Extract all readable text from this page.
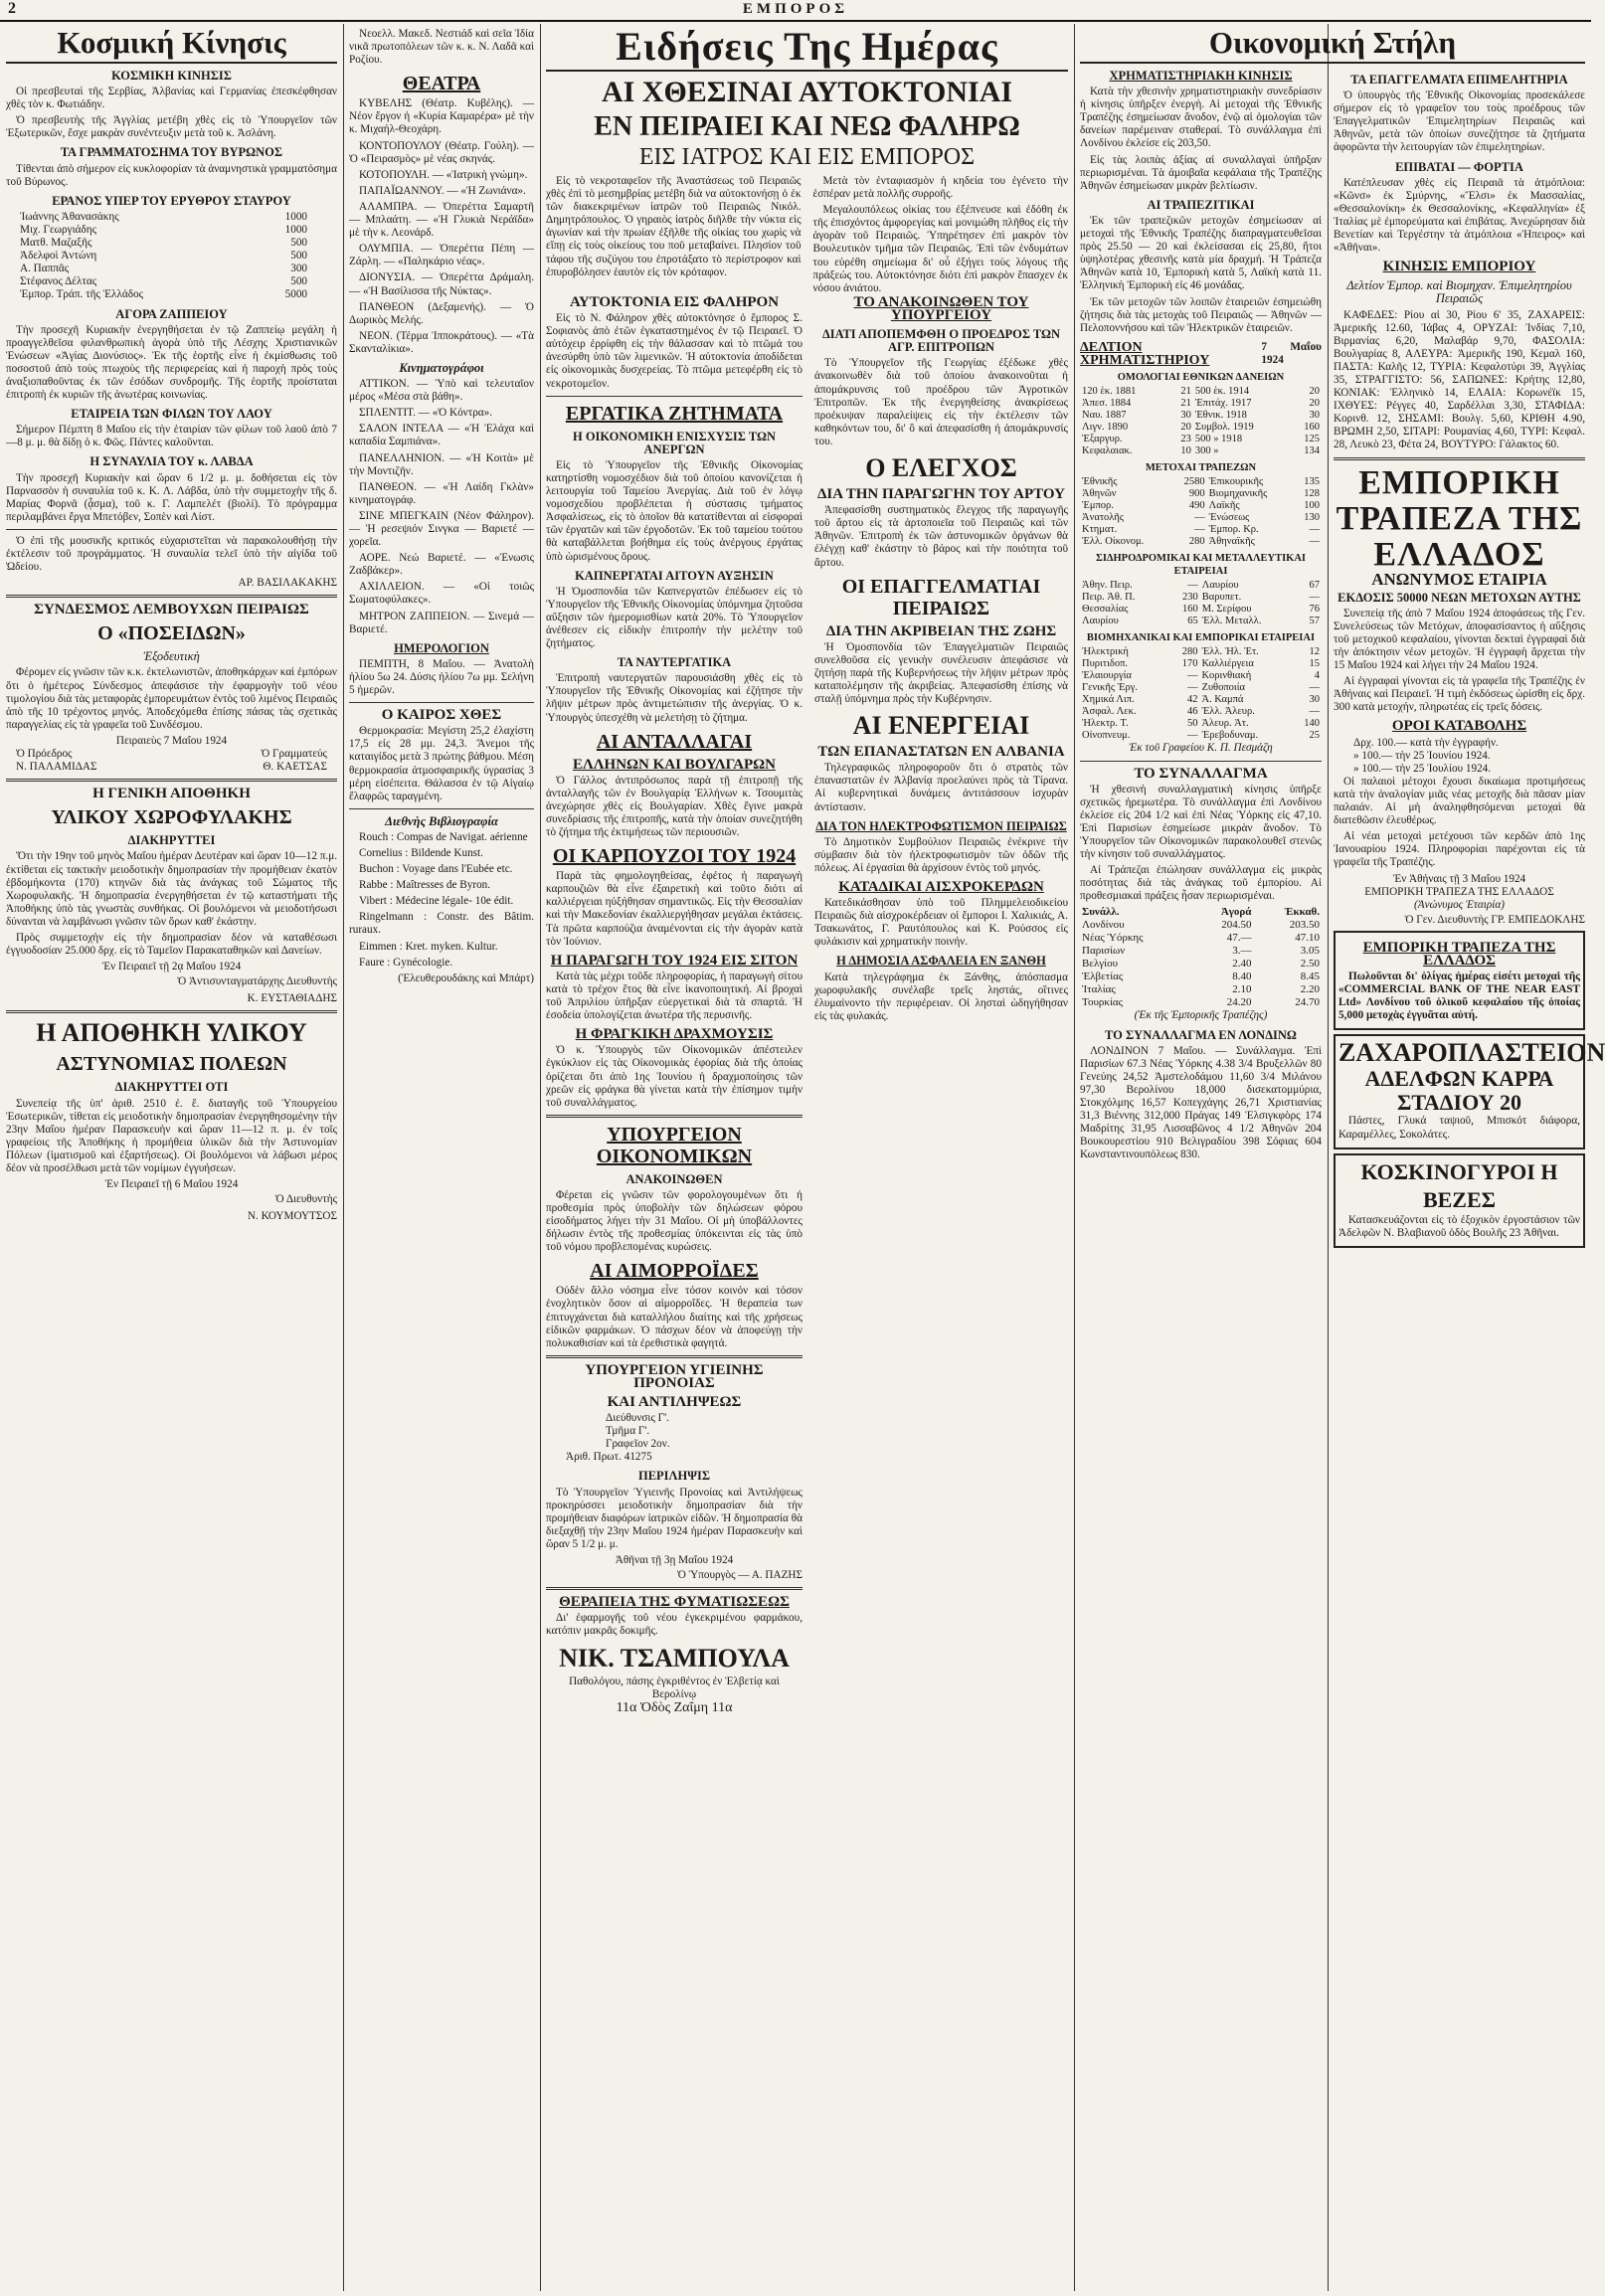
2	ΕΜΠΟΡΟΣ
Κοσμική Κίνησις
ΚΟΣΜΙΚΗ ΚΙΝΗΣΙΣ

Οἱ πρεσβευταὶ τῆς Σερβίας, Ἀλβανίας καὶ Γερμανίας ἐπεσκέφθησαν χθὲς τὸν κ. Φωτιάδην.

Ὁ πρεσβευτὴς τῆς Ἀγγλίας μετέβη χθὲς εἰς τὸ Ὑπουργεῖον τῶν Ἐξωτερικῶν, ἔσχε μακρὰν συνέντευξιν μετὰ τοῦ κ. Ἀσλάνη.

ΤΑ ΓΡΑΜΜΑΤΟΣΗΜΑ ΤΟΥ ΒΥΡΩΝΟΣ

Τίθενται ἀπὸ σήμερον εἰς κυκλοφορίαν τὰ ἀναμνηστικὰ γραμματόσημα τοῦ Βύρωνος.

ΕΡΑΝΟΣ ΥΠΕΡ ΤΟΥ ΕΡΥΘΡΟΥ ΣΤΑΥΡΟΥ
Ἰωάννης Ἀθανασάκης	1000
Μιχ. Γεωργιάδης	1000
Ματθ. Μαζαξῆς	500
Ἀδελφοὶ Ἀντώνη	500
Α. Παππᾶς	300
Στέφανος Δέλτας	500
Ἐμπορ. Τράπ. τῆς Ἑλλάδος	5000
ΑΓΟΡΑ ΖΑΠΠΕΙΟΥ

Τὴν προσεχῆ Κυριακὴν ἐνεργηθήσεται ἐν τῷ Ζαππείῳ μεγάλη ἡ προαγγελθεῖσα φιλανθρωπικὴ ἀγορὰ ὑπὸ τῆς Λέσχης Χριστιανικῶν Ἑνώσεων «Ἀγίας Διονύσιος». Ἐκ τῆς ἑορτῆς εἶνε ἡ ἐκμίσθωσις τοῦ ποσοστοῦ ἀπὸ τοὺς πτωχοὺς τῆς περιφερείας καὶ ἡ παροχὴ πρὸς τοὺς ἀναξιοπαθοῦντας ἐκ τῶν ἐσόδων συνδρομῆς. Τῆς ἑορτῆς προίσταται ἐπιτροπὴ ἐκ κυριῶν τῆς ἀνωτέρας κοινωνίας.

ΕΤΑΙΡΕΙΑ ΤΩΝ ΦΙΛΩΝ ΤΟΥ ΛΑΟΥ

Σήμερον Πέμπτη 8 Μαΐου εἰς τὴν ἑταιρίαν τῶν φίλων τοῦ λαοῦ ἀπὸ 7—8 μ. μ. θὰ δίδῃ ὁ κ. Φῶς. Πάντες καλοῦνται.

Η ΣΥΝΑΥΛΙΑ ΤΟΥ κ. ΛΑΒΔΑ

Τὴν προσεχῆ Κυριακὴν καὶ ὥραν 6 1/2 μ. μ. δοθήσεται εἰς τὸν Παρνασσὸν ἡ συναυλία τοῦ κ. Κ. Λ. Λάβδα, ὑπὸ τὴν συμμετοχὴν τῆς δ. Μαρίας Φορνᾶ (ᾆσμα), τοῦ κ. Γ. Λαμπελέτ (βιολί). Τὸ πρόγραμμα περιλαμβάνει ἔργα Μπετόβεν, Σοπὲν καὶ Λίστ.

Ὁ ἐπὶ τῆς μουσικῆς κριτικός εὐχαριστεῖται νὰ παρακολουθήσῃ τὴν ἐκτέλεσιν τοῦ προγράμματος. Ἡ συναυλία τελεῖ ὑπὸ τὴν αἰγίδα τοῦ Ὠδείου.

ΑΡ. ΒΑΣΙΛΑΚΑΚΗΣ
ΣΥΝΔΕΣΜΟΣ ΛΕΜΒΟΥΧΩΝ ΠΕΙΡΑΙΩΣ
Ο «ΠΟΣΕΙΔΩΝ»
Ἐξοδευτικὴ

Φέρομεν εἰς γνῶσιν τῶν κ.κ. ἐκτελωνιστῶν, ἀποθηκάρχων καὶ ἐμπόρων ὅτι ὁ ἡμέτερος Σύνδεσμος ἀπεφάσισε τὴν ἐφαρμογὴν τοῦ νέου τιμολογίου διὰ τὰς μεταφορὰς ἐμπορευμάτων ἐντὸς τοῦ λιμένος Πειραιῶς ἀπὸ τῆς 10 τρέχοντος μηνός. Ἀποδεχόμεθα ἐπίσης πάσας τὰς σχετικὰς παραγγελίας εἰς τὰ γραφεῖα τοῦ Συνδέσμου.

Πειραιεὺς 7 Μαΐου 1924
Ὁ Πρόεδρος	Ὁ Γραμματεύς
Ν. ΠΑΛΑΜΙΔΑΣ	Θ. ΚΑΕΤΣΑΣ
Η ΓΕΝΙΚΗ ΑΠΟΘΗΚΗ
ΥΛΙΚΟΥ ΧΩΡΟΦΥΛΑΚΗΣ
ΔΙΑΚΗΡΥΤΤΕΙ

Ὅτι τὴν 19ην τοῦ μηνὸς Μαΐου ἡμέραν Δευτέραν καὶ ὥραν 10—12 π.μ. ἐκτίθεται εἰς τακτικὴν μειοδοτικὴν δημοπρασίαν τὴν προμήθειαν ἐκατὸν ἑβδομήκοντα (170) κτηνῶν διὰ τὰς ἀνάγκας τοῦ Σώματος τῆς Χωροφυλακῆς. Ἡ δημοπρασία ἐνεργηθήσεται ἐν τῷ καταστήματι τῆς Ἀποθήκης ὑπὸ τὰς γνωστὰς συνθήκας. Οἱ βουλόμενοι νὰ μειοδοτήσωσι δύνανται νὰ λαμβάνωσι γνῶσιν τῶν ὅρων καθ' ἑκάστην.

Πρὸς συμμετοχὴν εἰς τὴν δημοπρασίαν δέον νὰ καταθέσωσι ἐγγυοδοσίαν 25.000 δρχ. εἰς τὸ Ταμεῖον Παρακαταθηκῶν καὶ Δανείων.

Ἐν Πειραιεῖ τῇ 2ᾳ Μαΐου 1924
Ὁ Ἀντισυνταγματάρχης Διευθυντὴς
Κ. ΕΥΣΤΑΘΙΑΔΗΣ
Η ΑΠΟΘΗΚΗ ΥΛΙΚΟΥ
ΑΣΤΥΝΟΜΙΑΣ ΠΟΛΕΩΝ
ΔΙΑΚΗΡΥΤΤΕΙ ΟΤΙ

Συνεπείᾳ τῆς ὑπ' ἀριθ. 2510 ἐ. ἔ. διαταγῆς τοῦ Ὑπουργείου Ἐσωτερικῶν, τίθεται εἰς μειοδοτικὴν δημοπρασίαν ἐνεργηθησομένην τὴν 23ην Μαΐου ἡμέραν Παρασκευὴν καὶ ὥραν 11—12 π. μ. ἐν τοῖς γραφείοις τῆς Ἀποθήκης ἡ προμήθεια ὑλικῶν διὰ τὴν Ἀστυνομίαν Πόλεων (ἱματισμοῦ καὶ ἐξαρτήσεως). Οἱ βουλόμενοι νὰ λάβωσι μέρος δέον νὰ προσέλθωσι μετὰ τῶν νομίμων ἐγγυήσεων.

Ἐν Πειραιεῖ τῇ 6 Μαΐου 1924
Ὁ Διευθυντὴς
Ν. ΚΟΥΜΟΥΤΣΟΣ

Νεοελλ. Μακεδ. Νεστιάδ καὶ σεῖα Ἰδία νικᾶ πρωτοπόλεων τῶν κ. κ. Ν. Λαδᾶ καὶ Ροζίου.

ΘΕΑΤΡΑ

ΚΥΒΕΛΗΣ (Θέατρ. Κυβέλης). — Νέον ἔργον ἡ «Κυρία Καμαρέρα» μὲ τὴν κ. Μιχαήλ-Θεοχάρη.

ΚΟΝΤΟΠΟΥΛΟΥ (Θέατρ. Γούλη). — Ὁ «Πειρασμὸς» μὲ νέας σκηνάς.

ΚΟΤΟΠΟΥΛΗ. — «Ἰατρικὴ γνώμη».

ΠΑΠΑΪΩΑΝΝΟΥ. — «Ἡ Ζωνιάνα».

ΑΛΑΜΠΡΑ. — Ὀπερέττα Σαμαρτῆ — Μπλαάτη. — «Ἡ Γλυκιὰ Νεράϊδα» μὲ τὴν κ. Λεονάρδ.

ΟΛΥΜΠΙΑ. — Ὀπερέττα Πέπη — Ζάρλη. — «Παληκάριο νέας».

ΔΙΟΝΥΣΙΑ. — Ὀπερέττα Δράμαλη. — «Ἡ Βασίλισσα τῆς Νύκτας».

ΠΑΝΘΕΟΝ (Δεξαμενής). — Ὁ Δωρικὸς Μελής.

ΝΕΟΝ. (Τέρμα Ἱπποκράτους). — «Τὰ Σκανταλίκια».

Κινηματογράφοι

ΑΤΤΙΚΟΝ. — Ὑπὸ καὶ τελευταῖον μέρος «Μέσα στὰ βάθη».

ΣΠΛΕΝΤΙΤ. — «Ὁ Κόντρα».

ΣΑΛΟΝ ΙΝΤΕΛΑ — «Ἡ Ἐλάχα καὶ καπαδία Σαμπιάνα».

ΠΑΝΕΛΛΗΝΙΟΝ. — «Ἡ Κοιτὰ» μὲ τὴν Μοντιζῆν.

ΠΑΝΘΕΟΝ. — «Ἡ Λαίδη Γκλὰν» κινηματογράφ.

ΣΙΝΕ ΜΠΕΓΚΑΙΝ (Νέον Φάληρον). — Ἡ ρεσεψιόν Σινγκα — Βαριετέ — χορεῖα.

ΑΟΡΕ. Νεώ Βαριετέ. — «Ἐνωσις Ζαδβάκερ».

ΑΧΙΛΛΕΙΟΝ. — «Οἱ τοιῶς Σωματοφύλακες».

ΜΗΤΡΟΝ ΖΑΠΠΕΙΟΝ. — Σινεμά — Βαριετέ.

ΗΜΕΡΟΛΟΓΙΟΝ

ΠΕΜΠΤΗ, 8 Μαΐου. — Ἀνατολὴ ἡλίου 5ω 24. Δύσις ἡλίου 7ω μμ. Σελήνη 5 ἡμερῶν.

Ο ΚΑΙΡΟΣ ΧΘΕΣ

Θερμοκρασία: Μεγίστη 25,2 ἐλαχίστη 17,5 εἰς 28 μμ. 24,3. Ἄνεμοι τῆς καταιγίδος μετὰ 3 πρώτης βάθμου. Μέση θερμοκρασία ἀτμοσφαιρικῆς ὑγρασίας 3 μέρη εἰσέπειτα. Θάλασσα ἐν τῷ Αἰγαίῳ ἔλαφρῶς ταραγμένη.

Διεθνὴς Βιβλιογραφία

Rouch : Compas de Navigat. aérienne

Cornelius : Bildende Kunst.

Buchon : Voyage dans l'Eubée etc.

Rabbe : Maîtresses de Byron.

Vibert : Médecine légale- 10e édit.

Ringelmann : Constr. des Bâtim. ruraux.

Eimmen : Kret. myken. Kultur.

Faure : Gynécologie.

(Ἐλευθερουδάκης καὶ Μπάρτ)
Ειδήσεις Της Ημέρας
ΑΙ ΧΘΕΣΙΝΑΙ ΑΥΤΟΚΤΟΝΙΑΙ
ΕΝ ΠΕΙΡΑΙΕΙ ΚΑΙ ΝΕΩ ΦΑΛΗΡΩ
ΕΙΣ ΙΑΤΡΟΣ ΚΑΙ ΕΙΣ ΕΜΠΟΡΟΣ

Εἰς τὸ νεκροταφεῖον τῆς Ἀναστάσεως τοῦ Πειραιῶς χθὲς ἐπὶ τὸ μεσημβρίας μετέβη διὰ να αὐτοκτονήσῃ ὁ ἐκ τῶν διακεκριμένων ἰατρῶν τοῦ Πειραιῶς Νικόλ. Δημητρόπουλος. Ὁ γηραιὸς ἰατρὸς διῆλθε τὴν νύκτα εἰς ἀγωνίαν καὶ τὴν πρωίαν ἐξῆλθε τῆς οἰκίας του χωρὶς νὰ εἴπῃ εἰς τοὺς οἰκείους του ποῦ μεταβαίνει. Πλησίον τοῦ τάφου τῆς συζύγου του ἐπροτάξατο τὸ περίστροφον καὶ ἐπυροβόλησεν ἑαυτὸν εἰς τὸν κρόταφον.

Μετὰ τὸν ἐνταφιασμὸν ἡ κηδεία του ἐγένετο τὴν ἑσπέραν μετὰ πολλῆς συρροῆς.

Μεγαλουπόλεως οἰκίας του ἐξέπνευσε καὶ ἐδόθη ἐκ τῆς ἐπισχόντος ἀμφορεγίας καὶ μονιμώθη πλῆθος εἰς τὴν ἀγορὰν τοῦ Πειραιῶς. Ὑπηρέτησεν ἐπὶ μακρὸν τὸν Βουλευτικὸν τμῆμα τῶν Πειραιῶς. Ἐπὶ τῶν ἐνδυμάτων του εὑρέθη σημείωμα δι' οὗ ἐξήγει τοὺς λόγους τῆς πράξεώς του. Αὐτοκτόνησε διότι ἐπὶ μακρὸν ἔπασχεν ἐκ νόσου ἀνιάτου.

ΑΥΤΟΚΤΟΝΙΑ ΕΙΣ ΦΑΛΗΡΟΝ

Εἰς τὸ Ν. Φάληρον χθὲς αὐτοκτόνησε ὁ ἔμπορος Σ. Σοφιανὸς ἀπὸ ἐτῶν ἐγκαταστημένος ἐν τῷ Πειραιεῖ. Ὁ αὐτόχειρ ἐρρίφθη εἰς τὴν θάλασσαν καὶ τὸ πτῶμά του ἀνεσύρθη ὑπὸ τῶν λιμενικῶν. Ἡ αὐτοκτονία ἀποδίδεται εἰς οἰκονομικὰς δυσχερείας. Τὸ πτῶμα μετεφέρθη εἰς τὸ νεκροτομεῖον.

ΕΡΓΑΤΙΚΑ ΖΗΤΗΜΑΤΑ
Η ΟΙΚΟΝΟΜΙΚΗ ΕΝΙΣΧΥΣΙΣ ΤΩΝ ΑΝΕΡΓΩΝ

Εἰς τὸ Ὑπουργεῖον τῆς Ἐθνικῆς Οἰκονομίας κατηρτίσθη νομοσχέδιον διὰ τοῦ ὁποίου κανονίζεται ἡ λειτουργία τοῦ Ταμείου Ἀνεργίας. Διὰ τοῦ ἐν λόγῳ νομοσχεδίου προβλέπεται ἡ σύστασις τμήματος Ἀσφαλίσεως, εἰς τὸ ὁποῖον θὰ κατατίθενται αἱ εἰσφοραὶ τῶν ἐργατῶν καὶ τῶν ἐργοδοτῶν. Ἐκ τοῦ ταμείου τούτου θὰ καταβάλλεται βοήθημα εἰς τοὺς ἀνέργους ἐργάτας ὑπὸ ὡρισμένους ὅρους.

ΚΑΠΝΕΡΓΑΤΑΙ ΑΙΤΟΥΝ ΑΥΞΗΣΙΝ

Ἡ Ὁμοσπονδία τῶν Καπνεργατῶν ἐπέδωσεν εἰς τὸ Ὑπουργεῖον τῆς Ἐθνικῆς Οἰκονομίας ὑπόμνημα ζητοῦσα αὔξησιν τῶν ἡμερομισθίων κατὰ 20%. Τὸ Ὑπουργεῖον ἀνέθεσεν εἰς εἰδικὴν ἐπιτροπὴν τὴν μελέτην τοῦ ζητήματος.

ΤΑ ΝΑΥΤΕΡΓΑΤΙΚΑ

Ἐπιτροπὴ ναυτεργατῶν παρουσιάσθη χθὲς εἰς τὸ Ὑπουργεῖον τῆς Ἐθνικῆς Οἰκονομίας καὶ ἐζήτησε τὴν λῆψιν μέτρων πρὸς ἀντιμετώπισιν τῆς ἀνεργίας. Ὁ κ. Ὑπουργὸς ὑπεσχέθη νὰ μελετήσῃ τὸ ζήτημα.

ΑΙ ΑΝΤΑΛΛΑΓΑΙ
ΕΛΛΗΝΩΝ ΚΑΙ ΒΟΥΛΓΑΡΩΝ

Ὁ Γάλλος ἀντιπρόσωπος παρὰ τῇ ἐπιτροπῇ τῆς ἀνταλλαγῆς τῶν ἐν Βουλγαρίᾳ Ἑλλήνων κ. Τσουμιτὰς ἀνεχώρησε χθὲς εἰς Βουλγαρίαν. Χθὲς ἔγινε μακρὰ συνεδρίασις τῆς ἐπιτροπῆς, κατὰ τὴν ὁποίαν συνεζητήθη τὸ ζήτημα τῆς ἐκτιμήσεως τῶν περιουσιῶν.

ΟΙ ΚΑΡΠΟΥΖΟΙ ΤΟΥ 1924

Παρὰ τὰς φημολογηθείσας, ἐφέτος ἡ παραγωγὴ καρπουζιῶν θὰ εἶνε ἐξαιρετικὴ καὶ τοῦτο διότι αἱ καλλιέργειαι ηὐξήθησαν σημαντικῶς. Εἰς τὴν Θεσσαλίαν καὶ τὴν Μακεδονίαν ἐκαλλιεργήθησαν μεγάλαι ἐκτάσεις. Τὰ πρῶτα καρπούζια ἀναμένονται εἰς τὴν ἀγορὰν κατὰ τὸν Ἰούνιον.

Η ΠΑΡΑΓΩΓΗ ΤΟΥ 1924 ΕΙΣ ΣΙΤΟΝ

Κατὰ τὰς μέχρι τοῦδε πληροφορίας, ἡ παραγωγὴ σίτου κατὰ τὸ τρέχον ἔτος θὰ εἶνε ἱκανοποιητική. Αἱ βροχαὶ τοῦ Ἀπριλίου ὑπῆρξαν εὐεργετικαὶ διὰ τὰ σπαρτά. Ἡ ἐσοδεία ὑπολογίζεται ἀνωτέρα τῆς περυσινῆς.

Η ΦΡΑΓΚΙΚΗ ΔΡΑΧΜΟΥΣΙΣ

Ὁ κ. Ὑπουργὸς τῶν Οἰκονομικῶν ἀπέστειλεν ἐγκύκλιον εἰς τὰς Οἰκονομικὰς ἐφορίας διὰ τῆς ὁποίας ὁρίζεται ὅτι ἀπὸ 1ης Ἰουνίου ἡ δραχμοποίησις τῶν χρεῶν εἰς φράγκα θὰ γίνεται κατὰ τὴν ἐπίσημον τιμὴν τοῦ συναλλάγματος.

ΥΠΟΥΡΓΕΙΟΝ ΟΙΚΟΝΟΜΙΚΩΝ
ΑΝΑΚΟΙΝΩΘΕΝ

Φέρεται εἰς γνῶσιν τῶν φορολογουμένων ὅτι ἡ προθεσμία πρὸς ὑποβολὴν τῶν δηλώσεων φόρου εἰσοδήματος λήγει τὴν 31 Μαΐου. Οἱ μὴ ὑποβάλλοντες δήλωσιν ἐντὸς τῆς προθεσμίας ὑπόκεινται εἰς τὰς ὑπὸ τοῦ νόμου προβλεπομένας κυρώσεις.

ΑΙ ΑΙΜΟΡΡΟΪΔΕΣ

Οὐδὲν ἄλλο νόσημα εἶνε τόσον κοινόν καὶ τόσον ἐνοχλητικὸν ὅσον αἱ αἱμορροΐδες. Ἡ θεραπεία των ἐπιτυγχάνεται διὰ καταλλήλου διαίτης καὶ τῆς χρήσεως εἰδικῶν φαρμάκων. Ὁ πάσχων δέον νὰ ἀποφεύγῃ τὴν πολυκαθισίαν καὶ τὰ ἐρεθιστικὰ φαγητά.

ΥΠΟΥΡΓΕΙΟΝ ΥΓΙΕΙΝΗΣ ΠΡΟΝΟΙΑΣ
ΚΑΙ ΑΝΤΙΛΗΨΕΩΣ
Διεύθυνσις Γ'.
Τμῆμα Γ'.
Γραφεῖον 2ον.
Ἀριθ. Πρωτ. 41275
ΠΕΡΙΛΗΨΙΣ

Τὸ Ὑπουργεῖον Ὑγιεινῆς Προνοίας καὶ Ἀντιλήψεως προκηρύσσει μειοδοτικὴν δημοπρασίαν διὰ τὴν προμήθειαν διαφόρων ἰατρικῶν εἰδῶν. Ἡ δημοπρασία θὰ διεξαχθῇ τὴν 23ην Μαΐου 1924 ἡμέραν Παρασκευὴν καὶ ὥραν 5 1/2 μ. μ.

Ἀθῆναι τῇ 3ῃ Μαΐου 1924
Ὁ Ὑπουργὸς — Α. ΠΑΖΗΣ
ΘΕΡΑΠΕΙΑ ΤΗΣ ΦΥΜΑΤΙΩΣΕΩΣ

Δι' ἐφαρμογῆς τοῦ νέου ἐγκεκριμένου φαρμάκου, κατόπιν μακρᾶς δοκιμῆς.

ΝΙΚ. ΤΣΑΜΠΟΥΛΑ
Παθολόγου, πάσης ἐγκριθέντος ἐν Ἑλβετίᾳ καὶ Βερολίνῳ
11α Ὁδὸς Ζαΐμη 11α
ΤΟ ΑΝΑΚΟΙΝΩΘΕΝ ΤΟΥ ΥΠΟΥΡΓΕΙΟΥ
ΔΙΑΤΙ ΑΠΟΠΕΜΦΘΗ Ο ΠΡΟΕΔΡΟΣ ΤΩΝ ΑΓΡ. ΕΠΙΤΡΟΠΩΝ

Τὸ Ὑπουργεῖον τῆς Γεωργίας ἐξέδωκε χθὲς ἀνακοινωθὲν διὰ τοῦ ὁποίου ἀνακοινοῦται ἡ ἀπομάκρυνσις τοῦ προέδρου τῶν Ἀγροτικῶν Ἐπιτροπῶν. Ἐκ τῆς ἐνεργηθείσης ἀνακρίσεως προέκυψαν παραλείψεις εἰς τὴν ἐκτέλεσιν τῶν καθηκόντων του, δι' ὃ καὶ ἀπεφασίσθη ἡ ἀπομάκρυνσίς του.

Ο ΕΛΕΓΧΟΣ
ΔΙΑ ΤΗΝ ΠΑΡΑΓΩΓΗΝ ΤΟΥ ΑΡΤΟΥ

Ἀπεφασίσθη συστηματικὸς ἔλεγχος τῆς παραγωγῆς τοῦ ἄρτου εἰς τὰ ἀρτοποιεῖα τοῦ Πειραιῶς καὶ τῶν Ἀθηνῶν. Ἐπιτροπὴ ἐκ τῶν ἀστυνομικῶν ὀργάνων θὰ ἐλέγχῃ καθ' ἑκάστην τὸ βάρος καὶ τὴν ποιότητα τοῦ ἄρτου.

ΟΙ ΕΠΑΓΓΕΛΜΑΤΙΑΙ ΠΕΙΡΑΙΩΣ
ΔΙΑ ΤΗΝ ΑΚΡΙΒΕΙΑΝ ΤΗΣ ΖΩΗΣ

Ἡ Ὁμοσπονδία τῶν Ἐπαγγελματιῶν Πειραιῶς συνελθοῦσα εἰς γενικὴν συνέλευσιν ἀπεφάσισε νὰ ζητήσῃ παρὰ τῆς Κυβερνήσεως τὴν λῆψιν μέτρων πρὸς καταπολέμησιν τῆς ἀκριβείας. Ἀπεφασίσθη ἐπίσης νὰ σταλῇ ὑπόμνημα πρὸς τὴν Κυβέρνησιν.

ΑΙ ΕΝΕΡΓΕΙΑΙ
ΤΩΝ ΕΠΑΝΑΣΤΑΤΩΝ ΕΝ ΑΛΒΑΝΙΑ

Τηλεγραφικῶς πληροφοροῦν ὅτι ὁ στρατὸς τῶν ἐπαναστατῶν ἐν Ἀλβανίᾳ προελαύνει πρὸς τὰ Τίρανα. Αἱ κυβερνητικαὶ δυνάμεις ἀντιτάσσουν ἰσχυρὰν ἀντίστασιν.

ΔΙΑ ΤΟΝ ΗΛΕΚΤΡΟΦΩΤΙΣΜΟΝ ΠΕΙΡΑΙΩΣ

Τὸ Δημοτικὸν Συμβούλιον Πειραιῶς ἐνέκρινε τὴν σύμβασιν διὰ τὸν ἠλεκτροφωτισμὸν τῶν ὁδῶν τῆς πόλεως. Αἱ ἐργασίαι θὰ ἀρχίσουν ἐντὸς τοῦ μηνός.

ΚΑΤΑΔΙΚΑΙ ΑΙΣΧΡΟΚΕΡΔΩΝ

Κατεδικάσθησαν ὑπὸ τοῦ Πλημμελειοδικείου Πειραιῶς διὰ αἰσχροκέρδειαν οἱ ἔμποροι Ι. Χαλικιάς, Α. Τσακωνάτος, Γ. Ραυτόπουλος καὶ Κ. Ρούσσος εἰς φυλάκισιν καὶ χρηματικὴν ποινήν.

Η ΔΗΜΟΣΙΑ ΑΣΦΑΛΕΙΑ ΕΝ ΞΑΝΘΗ

Κατὰ τηλεγράφημα ἐκ Ξάνθης, ἀπόσπασμα χωροφυλακῆς συνέλαβε τρεῖς ληστάς, οἵτινες ἐλυμαίνοντο τὴν περιφέρειαν. Οἱ λησταὶ ὡδηγήθησαν εἰς τὰς φυλακάς.

Οικονομική Στήλη
ΧΡΗΜΑΤΙΣΤΗΡΙΑΚΗ ΚΙΝΗΣΙΣ

Κατὰ τὴν χθεσινὴν χρηματιστηριακὴν συνεδρίασιν ἡ κίνησις ὑπῆρξεν ἐνεργὴ. Αἱ μετοχαὶ τῆς Ἐθνικῆς Τραπέζης ἐσημείωσαν ἄνοδον, ἐνῷ αἱ ὁμολογίαι τῶν δανείων παρέμειναν σταθεραί. Τὸ συνάλλαγμα ἐπὶ Λονδίνου ἐκλείσε εἰς 203,50.

Εἰς τὰς λοιπὰς ἀξίας αἱ συναλλαγαὶ ὑπῆρξαν περιωρισμέναι. Τὰ ἀμοιβαῖα κεφάλαια τῆς Τραπέζης Ἀθηνῶν ἐσημείωσαν μικρὰν βελτίωσιν.

ΑΙ ΤΡΑΠΕΖΙΤΙΚΑΙ

Ἐκ τῶν τραπεζικῶν μετοχῶν ἐσημείωσαν αἱ μετοχαὶ τῆς Ἐθνικῆς Τραπέζης διαπραγματευθεῖσαι πρὸς 25.50 — 20 καὶ ἐκλείσασαι εἰς 25,80, ἤτοι ὑψηλοτέρας χθεσινῆς κατὰ μία δραχμή. Ἡ Τράπεζα Ἀθηνῶν κατὰ 10, Ἐμπορικὴ κατὰ 5, Λαϊκὴ κατὰ 11. Ἐλληνικὴ Ἐμπορικὴ εἰς 46 μονάδας.

Ἐκ τῶν μετοχῶν τῶν λοιπῶν ἑταιρειῶν ἐσημειώθη ζήτησις διὰ τὰς μετοχὰς τοῦ Πειραιῶς — Ἀθηνῶν — Πελοποννήσου καὶ τῶν Ἠλεκτρικῶν ἑταιρειῶν.

ΔΕΛΤΙΟΝ ΧΡΗΜΑΤΙΣΤΗΡΙΟΥ
7 Μαΐου 1924
ΟΜΟΛΟΓΙΑΙ ΕΘΝΙΚΩΝ ΔΑΝΕΙΩΝ
120 ἑκ. 1881	21	500 ἑκ. 1914	20
Ἀπεσ. 1884	21	Ἐπιτάχ. 1917	20
Ναυ. 1887	30	Ἐθνικ. 1918	30
Λιγν. 1890	20	Συμβολ. 1919	160
Ἐξαργυρ.	23	500 » 1918	125
Κεφαλαιακ.	10	300 »	134
ΜΕΤΟΧΑΙ ΤΡΑΠΕΖΩΝ
Ἐθνικῆς	2580	Ἐπικουρικῆς	135
Ἀθηνῶν	900	Βιομηχανικῆς	128
Ἐμπορ.	490	Λαϊκῆς	100
Ἀνατολῆς	—	Ἐνώσεως	130
Κτηματ.	—	Ἐμπορ. Κρ.	—
Ἐλλ. Οἰκονομ.	280	Ἀθηναϊκῆς	—
ΣΙΔΗΡΟΔΡΟΜΙΚΑΙ ΚΑΙ ΜΕΤΑΛΛΕΥΤΙΚΑΙ ΕΤΑΙΡΕΙΑΙ
Ἀθην. Πειρ.	—	Λαυρίου	67
Πειρ. Ἀθ. Π.	230	Βαρυπετ.	—
Θεσσαλίας	160	Μ. Σερίφου	76
Λαυρίου	65	Ἐλλ. Μεταλλ.	57
ΒΙΟΜΗΧΑΝΙΚΑΙ ΚΑΙ ΕΜΠΟΡΙΚΑΙ ΕΤΑΙΡΕΙΑΙ
Ἠλεκτρικὴ	280	Ἑλλ. Ἡλ. Ἐτ.	12
Πυριτιδοπ.	170	Καλλιέργεια	15
Ἐλαιουργία	—	Κορινθιακή	4
Γενικῆς Ἐργ.	—	Ζυθοποιία	—
Χημικά Λιπ.	42	Ἀ. Καμπά	30
Ἀσφαλ. Λεκ.	46	Ἑλλ. Ἀλευρ.	—
Ἡλεκτρ. Τ.	50	Ἀλευρ. Ἀτ.	140
Οἰνοπνευμ.	—	Ἐρεβοδυναμ.	25
Ἐκ τοῦ Γραφείου Κ. Π. Πεσμάζη
ΤΟ ΣΥΝΑΛΛΑΓΜΑ

Ἡ χθεσινὴ συναλλαγματικὴ κίνησις ὑπῆρξε σχετικῶς ἠρεμωτέρα. Τὸ συνάλλαγμα ἐπὶ Λονδίνου ἐκλείσε εἰς 204 1/2 καὶ ἐπὶ Νέας Ὑόρκης εἰς 47,10. Ἐπὶ Παρισίων ἐσημείωσε μικρὰν ἄνοδον. Τὸ Ὑπουργεῖον τῶν Οἰκονομικῶν παρακολουθεῖ στενῶς τὴν κίνησιν τοῦ συναλλάγματος.

Αἱ Τράπεζαι ἐπώλησαν συνάλλαγμα εἰς μικρὰς ποσότητας διὰ τὰς ἀνάγκας τοῦ ἐμπορίου. Αἱ προθεσμιακαὶ πράξεις ἦσαν περιωρισμέναι.

Συνάλλ.	Ἀγορά	Ἐκκαθ.
Λονδίνου	204.50	203.50
Νέας Ὑόρκης	47.—	47.10
Παρισίων	3.—	3.05
Βελγίου	2.40	2.50
Ἑλβετίας	8.40	8.45
Ἰταλίας	2.10	2.20
Τουρκίας	24.20	24.70
(Ἐκ τῆς Ἐμπορικῆς Τραπέζης)
ΤΟ ΣΥΝΑΛΛΑΓΜΑ ΕΝ ΛΟΝΔΙΝΩ

ΛΟΝΔΙΝΟΝ 7 Μαΐου. — Συνάλλαγμα. Ἐπὶ Παρισίων 67.3 Νέας Ὑόρκης 4.38 3/4 Βρυξελλῶν 80 Γενεύης 24,52 Ἀμστελοδάμου 11,60 3/4 Μιλάνου 97,30 Βερολίνου 18,000 δισεκατομμύρια, Στοκχόλμης 16,57 Κοπεγχάγης 26,71 Χριστιανίας 31,3 Βιέννης 312,000 Πράγας 149 Ἑλσιγκφὸρς 174 Μαδρίτης 31,95 Λισσαβῶνος 4 1/2 Ἀθηνῶν 204 Βουκουρεστίου 910 Βελιγραδίου 398 Σόφιας 604 Κωνσταντινουπόλεως 830.

ΤΑ ΕΠΑΓΓΕΛΜΑΤΑ ΕΠΙΜΕΛΗΤΗΡΙΑ

Ὁ ὑπουργὸς τῆς Ἐθνικῆς Οἰκονομίας προσεκάλεσε σήμερον εἰς τὸ γραφεῖον του τοὺς προέδρους τῶν Ἐπαγγελματικῶν Ἐπιμελητηρίων Πειραιῶς καὶ Ἀθηνῶν, μετὰ τῶν ὁποίων συνεζήτησε τὰ ζητήματα ἀφορῶντα τὴν λειτουργίαν τῶν ἐπιμελητηρίων.

ΕΠΙΒΑΤΑΙ — ΦΟΡΤΙΑ

Κατέπλευσαν χθὲς εἰς Πειραιᾶ τὰ ἀτμόπλοια: «Κῶνσ» ἐκ Σμύρνης, «Ἕλσι» ἐκ Μασσαλίας, «Θεσσαλονίκη» ἐκ Θεσσαλονίκης, «Κεφαλληνία» ἐξ Ἰταλίας μὲ ἐμπορεύματα καὶ ἐπιβάτας. Ἀνεχώρησαν διὰ Βενετίαν καὶ Τεργέστην τὰ ἀτμόπλοια «Ἠπειρος» καὶ «Ἀθῆναι».

ΚΙΝΗΣΙΣ ΕΜΠΟΡΙΟΥ
Δελτίον Ἐμπορ. καὶ Βιομηχαν. Ἐπιμελητηρίου Πειραιῶς

ΚΑΦΕΔΕΣ: Ρίου αἱ 30, Ρίου 6' 35, ΖΑΧΑΡΕΙΣ: Ἀμερικῆς 12.60, Ἰάβας 4, ΟΡΥΖΑΙ: Ἰνδίας 7,10, Βιρμανίας 6,20, Μαλαβάρ 9,70, ΦΑΣΟΛΙΑ: Βουλγαρίας 8, ΑΛΕΥΡΑ: Ἀμερικῆς 190, Κεμαλ 160, ΠΑΣΤΑ: Καλῆς 12, ΤΥΡΙΑ: Κεφαλοτύρι 39, Ἀγγλίας 35, ΣΤΡΑΓΓΙΣΤΟ: 56, ΣΑΠΩΝΕΣ: Κρήτης 12,80, ΚΟΝΙΑΚ: Ἑλληνικὸ 14, ΕΛΑΙΑ: Κορωνέϊκ 15, ΙΧΘΥΕΣ: Ρέγγες 40, Σαρδέλλαι 3,30, ΣΤΑΦΙΔΑ: Κορινθ. 12, ΣΗΣΑΜΙ: Βουλγ. 5,60, ΚΡΙΘΗ 4.90, ΒΡΩΜΗ 2,50, ΣΙΤΑΡΙ: Ρουμανίας 4,60, ΤΥΡΙ: Κεφαλ. 28, Λευκὸ 23, Φέτα 24, ΒΟΥΤΥΡΟ: Γάλακτος 60.

ΕΜΠΟΡΙΚΗ ΤΡΑΠΕΖΑ ΤΗΣ ΕΛΛΑΔΟΣ
ΑΝΩΝΥΜΟΣ ΕΤΑΙΡΙΑ
ΕΚΔΟΣΙΣ 50000 ΝΕΩΝ ΜΕΤΟΧΩΝ ΑΥΤΗΣ

Συνεπείᾳ τῆς ἀπὸ 7 Μαΐου 1924 ἀποφάσεως τῆς Γεν. Συνελεύσεως τῶν Μετόχων, ἀποφασίσαντος ἡ αὔξησις τοῦ μετοχικοῦ κεφαλαίου, γίνονται δεκταὶ ἐγγραφαὶ διὰ τὴν ἀπόκτησιν νέων μετοχῶν. Ἡ ἐγγραφὴ ἄρχεται τὴν 15 Μαΐου 1924 καὶ λήγει τὴν 24 Μαΐου 1924.

Αἱ ἐγγραφαὶ γίνονται εἰς τὰ γραφεῖα τῆς Τραπέζης ἐν Ἀθήναις καὶ Πειραιεῖ. Ἡ τιμὴ ἐκδόσεως ὡρίσθη εἰς δρχ. 300 κατὰ μετοχήν, πληρωτέας εἰς τρεῖς δόσεις.

ΟΡΟΙ ΚΑΤΑΒΟΛΗΣ
Δρχ. 100.— κατὰ τὴν ἐγγραφήν.
» 100.— τὴν 25 Ἰουνίου 1924.
» 100.— τὴν 25 Ἰουλίου 1924.

Οἱ παλαιοὶ μέτοχοι ἔχουσι δικαίωμα προτιμήσεως κατὰ τὴν ἀναλογίαν μιᾶς νέας μετοχῆς διὰ πᾶσαν μίαν παλαιάν. Αἱ μὴ ἀναληφθησόμεναι μετοχαὶ θὰ διατεθῶσιν ἐλευθέρως.

Αἱ νέαι μετοχαὶ μετέχουσι τῶν κερδῶν ἀπὸ 1ης Ἰανουαρίου 1924. Πληροφορίαι παρέχονται εἰς τὰ γραφεῖα τῆς Τραπέζης.

Ἐν Ἀθήναις τῇ 3 Μαΐου 1924
ΕΜΠΟΡΙΚΗ ΤΡΑΠΕΖΑ ΤΗΣ ΕΛΛΑΔΟΣ
(Ἀνώνυμος Ἑταιρία)
Ὁ Γεν. Διευθυντὴς ΓΡ. ΕΜΠΕΔΟΚΛΗΣ
ΕΜΠΟΡΙΚΗ ΤΡΑΠΕΖΑ ΤΗΣ ΕΛΛΑΔΟΣ

Πωλοῦνται δι' ὀλίγας ἡμέρας εἰσέτι μετοχαὶ τῆς «COMMERCIAL BANK OF THE NEAR EAST Ltd» Λονδίνου τοῦ ὁλικοῦ κεφαλαίου τῆς ὁποίας 5,000 μετοχὰς ἐγγυᾶται αὐτή.

ΖΑΧΑΡΟΠΛΑΣΤΕΙΟΝ
ΑΔΕΛΦΩΝ ΚΑΡΡΑ
ΣΤΑΔΙΟΥ 20

Πάστες, Γλυκά ταψιοῦ, Μπισκότ διάφορα, Καραμέλλες, Σοκολάτες.

ΚΟΣΚΙΝΟΓΥΡΟΙ Η ΒΕΖΕΣ

Κατασκευάζονται εἰς τὸ ἐξοχικὸν ἐργοστάσιον τῶν Ἀδελφῶν Ν. Βλαβιανοῦ ὁδὸς Βουλῆς 23 Ἀθῆναι.
